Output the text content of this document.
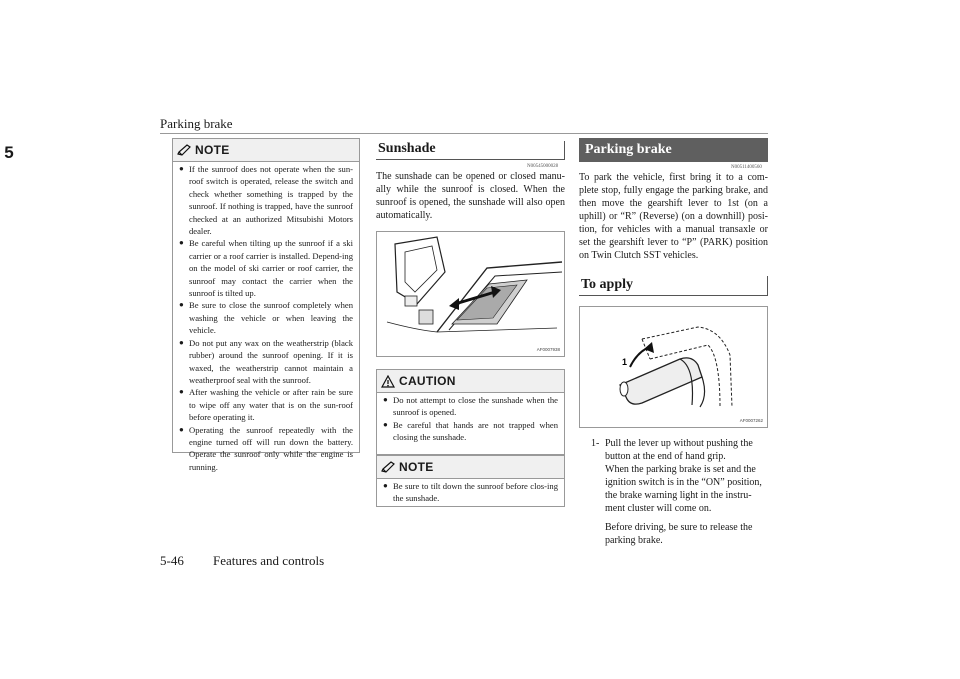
Parking brake
5	NOTE

● If the sunroof does not operate when the sun-roof switch is operated, release the switch and check whether something is trapped by the sunroof. If nothing is trapped, have the sunroof checked at an authorized Mitsubishi Motors dealer.

● Be careful when tilting up the sunroof if a ski carrier or a roof carrier is installed. Depend-ing on the model of ski carrier or roof carrier, the sunroof may contact the carrier when the sunroof is tilted up.

● Be sure to close the sunroof completely when washing the vehicle or when leaving the vehicle.

● Do not put any wax on the weatherstrip (black rubber) around the sunroof opening. If it is waxed, the weatherstrip cannot maintain a weatherproof seal with the sunroof.

● After washing the vehicle or after rain be sure to wipe off any water that is on the sun-roof before operating it.

● Operating the sunroof repeatedly with the engine turned off will run down the battery. Operate the sunroof only while the engine is running.

Sunshade
N00545000028
The sunshade can be opened or closed manu-ally while the sunroof is closed. When the sunroof is opened, the sunshade will also open automatically.
AF0007938
CAUTION

● Do not attempt to close the sunshade when the sunroof is opened.

● Be careful that hands are not trapped when closing the sunshade.

NOTE

● Be sure to tilt down the sunroof before clos-ing the sunshade.

Parking brake
N00511400560
To park the vehicle, first bring it to a com-plete stop, fully engage the parking brake, and then move the gearshift lever to 1st (on a uphill) or “R” (Reverse) (on a downhill) posi-tion, for vehicles with a manual transaxle or set the gearshift lever to “P” (PARK) position on Twin Clutch SST vehicles.
To apply
1
AF0007262
1- Pull the lever up without pushing the
button at the end of hand grip.
When the parking brake is set and the
ignition switch is in the “ON” position,
the brake warning light in the instru-
ment cluster will come on.
Before driving, be sure to release the
parking brake.
5-46 Features and controls
